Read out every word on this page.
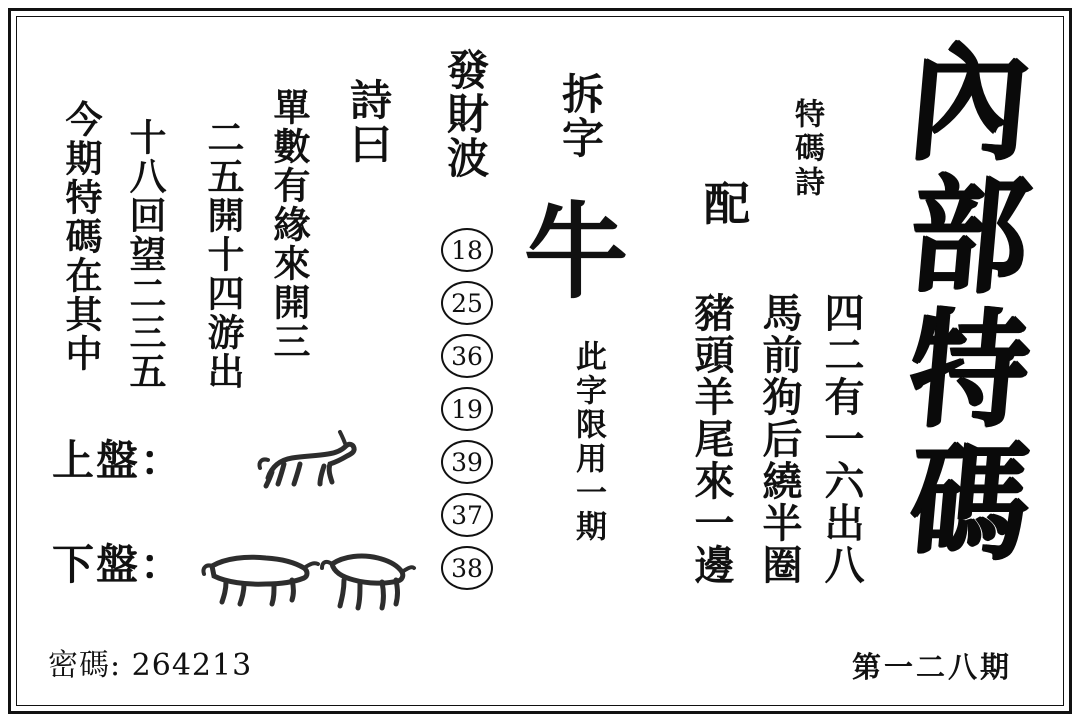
內
部
特
碼
特碼詩
配
四二有一六出八
馬前狗后繞半圈
豬頭羊尾來一邊
拆字
牛
此字限用一期
發財波
18
25
36
19
39
37
38
詩曰
單數有緣來開三
二五開十四游出
十八回望二三五
今期特碼在其中
上盤：
下盤：
密碼: 264213	第一二八期
